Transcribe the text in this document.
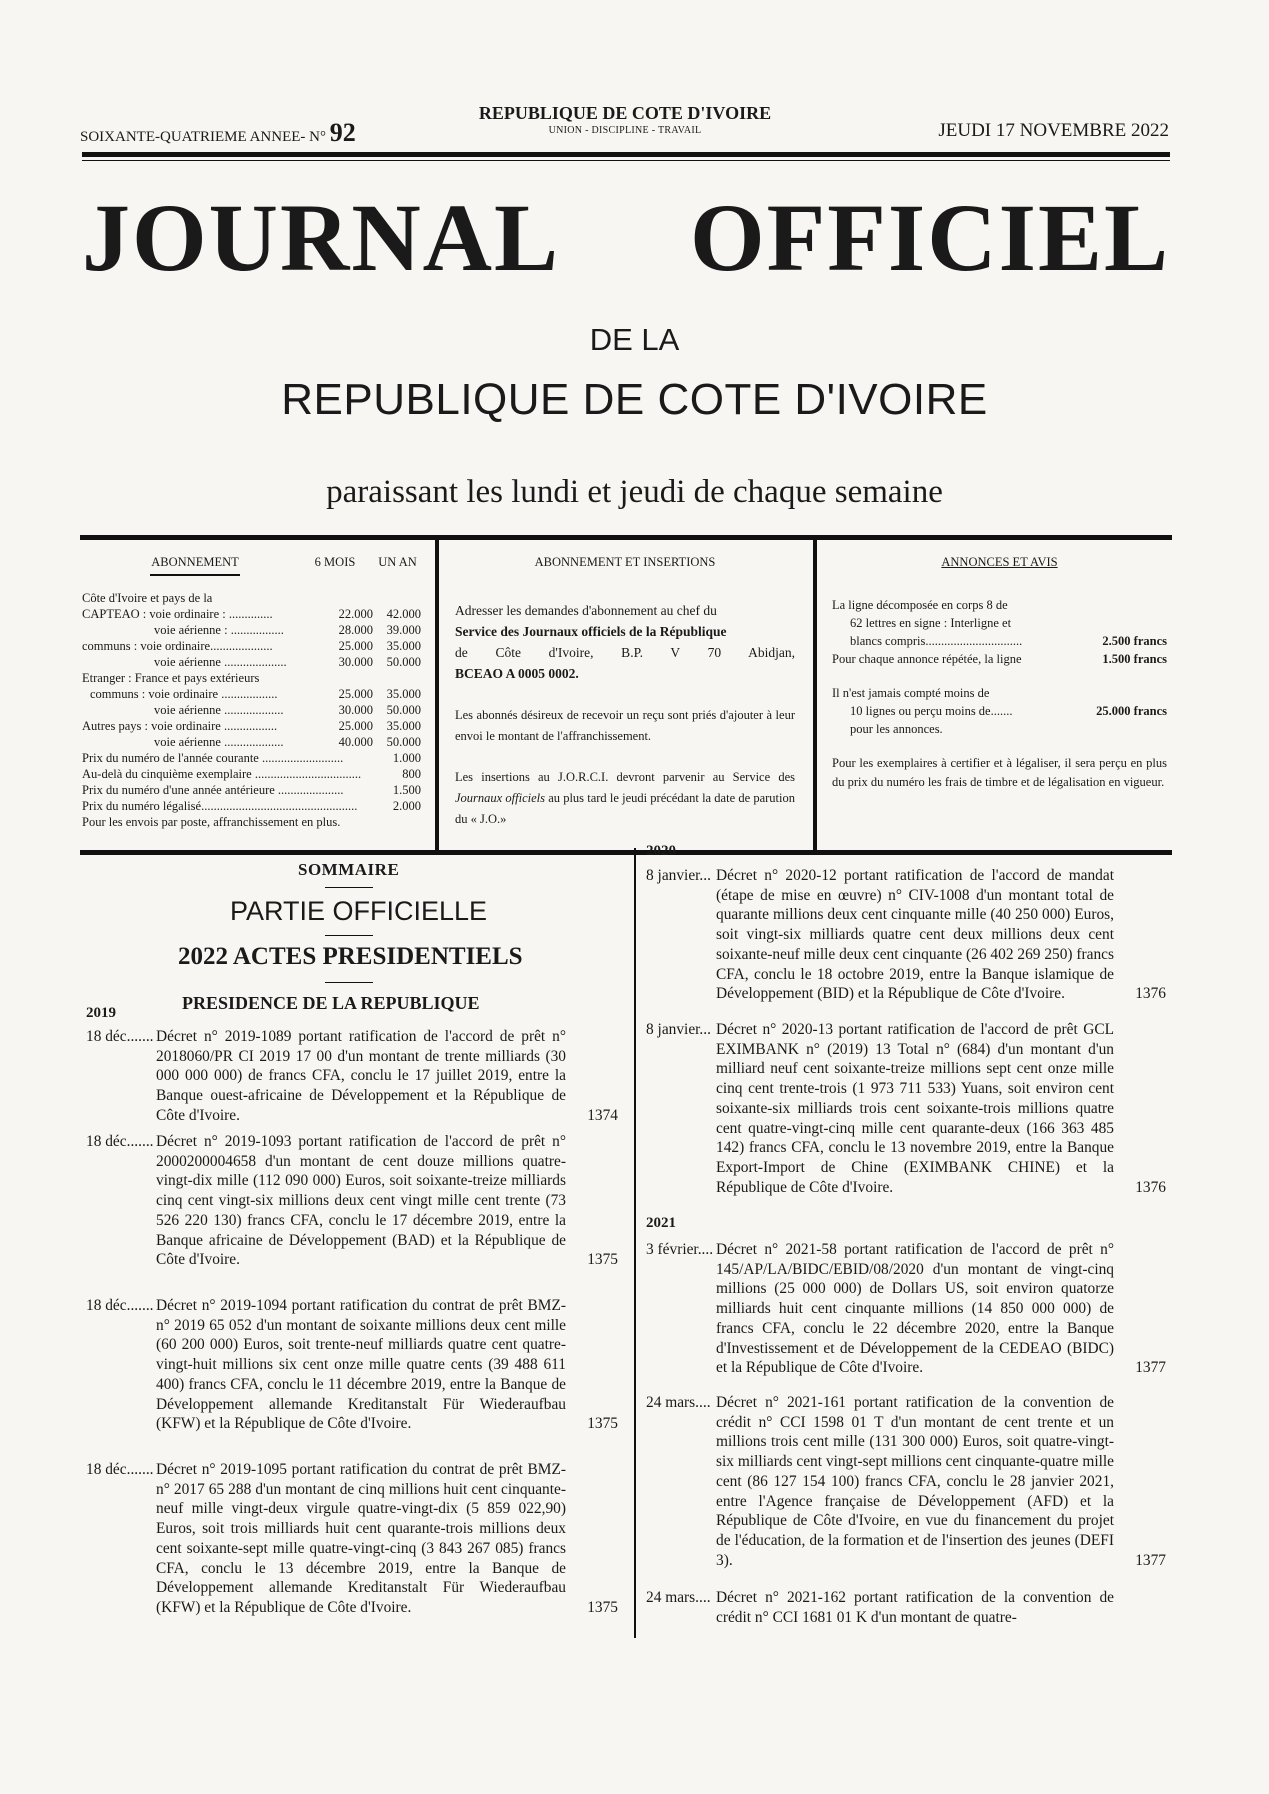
SOIXANTE-QUATRIEME ANNEE- N° 92
REPUBLIQUE DE COTE D'IVOIRE
UNION - DISCIPLINE - TRAVAIL	JEUDI 17 NOVEMBRE 2022
JOURNAL OFFICIEL
DE LA
REPUBLIQUE DE COTE D'IVOIRE
paraissant les lundi et jeudi de chaque semaine
ABONNEMENT	6 MOIS	UN AN
Côte d'Ivoire et pays de la
CAPTEAO : voie ordinaire : ..............	22.000	42.000
voie aérienne : .................	28.000	39.000
communs : voie ordinaire....................	25.000	35.000
voie aérienne ....................	30.000	50.000
Etranger : France et pays extérieurs
communs : voie ordinaire ..................	25.000	35.000
voie aérienne ...................	30.000	50.000
Autres pays : voie ordinaire .................	25.000	35.000
voie aérienne ...................	40.000	50.000
Prix du numéro de l'année courante ..........................	1.000
Au-delà du cinquième exemplaire ..................................	800
Prix du numéro d'une année antérieure .....................	1.500
Prix du numéro légalisé..................................................	2.000
Pour les envois par poste, affranchissement en plus.
ABONNEMENT ET INSERTIONS
Adresser les demandes d'abonnement au chef du
Service des Journaux officiels de la République
de Côte d'Ivoire, B.P. V 70 Abidjan,
BCEAO A 0005 0002.
Les abonnés désireux de recevoir un reçu sont priés d'ajouter à leur envoi le montant de l'affranchissement.
Les insertions au J.O.R.C.I. devront parvenir au Service des Journaux officiels au plus tard le jeudi précédant la date de parution du « J.O.»
ANNONCES ET AVIS
La ligne décomposée en corps 8 de
62 lettres en signe : Interligne et
blancs compris...............................	2.500 francs
Pour chaque annonce répétée, la ligne	1.500 francs
Il n'est jamais compté moins de
10 lignes ou perçu moins de.......	25.000 francs
pour les annonces.
Pour les exemplaires à certifier et à légaliser, il sera perçu en plus du prix du numéro les frais de timbre et de légalisation en vigueur.
SOMMAIRE
PARTIE OFFICIELLE
2022 ACTES PRESIDENTIELS
PRESIDENCE DE LA REPUBLIQUE
2019
18 déc....... Décret n° 2019-1089 portant ratification de l'accord de prêt n° 2018060/PR CI 2019 17 00 d'un montant de trente milliards (30 000 000 000) de francs CFA, conclu le 17 juillet 2019, entre la Banque ouest-africaine de Développement et la République de Côte d'Ivoire.	1374
18 déc....... Décret n° 2019-1093 portant ratification de l'accord de prêt n° 2000200004658 d'un montant de cent douze millions quatre-vingt-dix mille (112 090 000) Euros, soit soixante-treize milliards cinq cent vingt-six millions deux cent vingt mille cent trente (73 526 220 130) francs CFA, conclu le 17 décembre 2019, entre la Banque africaine de Développement (BAD) et la République de Côte d'Ivoire.	1375
18 déc....... Décret n° 2019-1094 portant ratification du contrat de prêt BMZ-n° 2019 65 052 d'un montant de soixante millions deux cent mille (60 200 000) Euros, soit trente-neuf milliards quatre cent quatre-vingt-huit millions six cent onze mille quatre cents (39 488 611 400) francs CFA, conclu le 11 décembre 2019, entre la Banque de Développement allemande Kreditanstalt Für Wiederaufbau (KFW) et la République de Côte d'Ivoire.	1375
18 déc....... Décret n° 2019-1095 portant ratification du contrat de prêt BMZ-n° 2017 65 288 d'un montant de cinq millions huit cent cinquante-neuf mille vingt-deux virgule quatre-vingt-dix (5 859 022,90) Euros, soit trois milliards huit cent quarante-trois millions deux cent soixante-sept mille quatre-vingt-cinq (3 843 267 085) francs CFA, conclu le 13 décembre 2019, entre la Banque de Développement allemande Kreditanstalt Für Wiederaufbau (KFW) et la République de Côte d'Ivoire.	1375
2020
8 janvier... Décret n° 2020-12 portant ratification de l'accord de mandat (étape de mise en œuvre) n° CIV-1008 d'un montant total de quarante millions deux cent cinquante mille (40 250 000) Euros, soit vingt-six milliards quatre cent deux millions deux cent soixante-neuf mille deux cent cinquante (26 402 269 250) francs CFA, conclu le 18 octobre 2019, entre la Banque islamique de Développement (BID) et la République de Côte d'Ivoire.	1376
8 janvier... Décret n° 2020-13 portant ratification de l'accord de prêt GCL EXIMBANK n° (2019) 13 Total n° (684) d'un montant d'un milliard neuf cent soixante-treize millions sept cent onze mille cinq cent trente-trois (1 973 711 533) Yuans, soit environ cent soixante-six milliards trois cent soixante-trois millions quatre cent quatre-vingt-cinq mille cent quarante-deux (166 363 485 142) francs CFA, conclu le 13 novembre 2019, entre la Banque Export-Import de Chine (EXIMBANK CHINE) et la République de Côte d'Ivoire.	1376
2021
3 février.... Décret n° 2021-58 portant ratification de l'accord de prêt n° 145/AP/LA/BIDC/EBID/08/2020 d'un montant de vingt-cinq millions (25 000 000) de Dollars US, soit environ quatorze milliards huit cent cinquante millions (14 850 000 000) de francs CFA, conclu le 22 décembre 2020, entre la Banque d'Investissement et de Développement de la CEDEAO (BIDC) et la République de Côte d'Ivoire.	1377
24 mars.... Décret n° 2021-161 portant ratification de la convention de crédit n° CCI 1598 01 T d'un montant de cent trente et un millions trois cent mille (131 300 000) Euros, soit quatre-vingt-six milliards cent vingt-sept millions cent cinquante-quatre mille cent (86 127 154 100) francs CFA, conclu le 28 janvier 2021, entre l'Agence française de Développement (AFD) et la République de Côte d'Ivoire, en vue du financement du projet de l'éducation, de la formation et de l'insertion des jeunes (DEFI 3).	1377
24 mars.... Décret n° 2021-162 portant ratification de la convention de crédit n° CCI 1681 01 K d'un montant de quatre-
